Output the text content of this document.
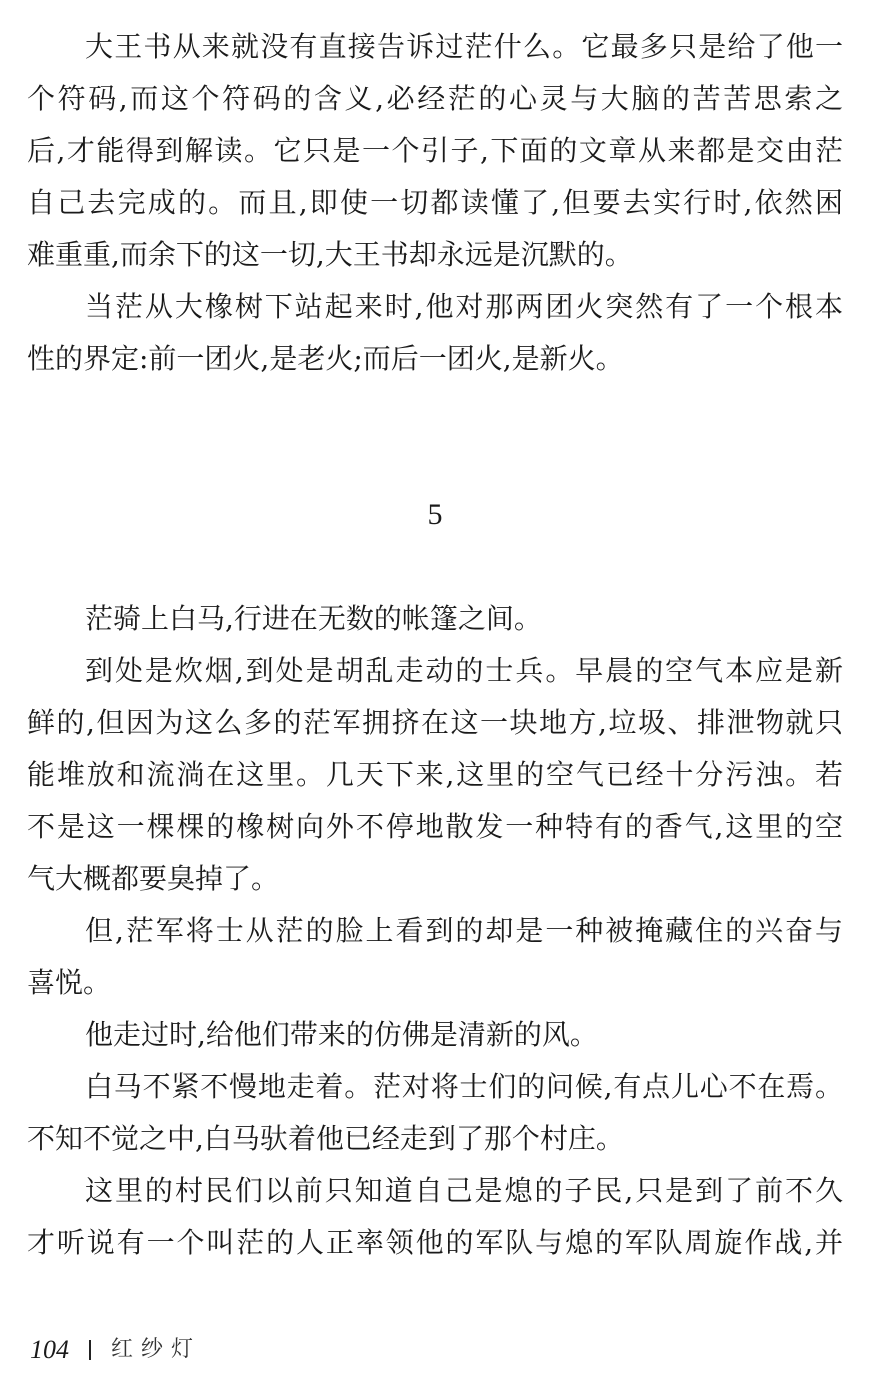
大王书从来就没有直接告诉过茫什么。它最多只是给了他一
个符码,而这个符码的含义,必经茫的心灵与大脑的苦苦思索之
后,才能得到解读。它只是一个引子,下面的文章从来都是交由茫
自己去完成的。而且,即使一切都读懂了,但要去实行时,依然困
难重重,而余下的这一切,大王书却永远是沉默的。
当茫从大橡树下站起来时,他对那两团火突然有了一个根本
性的界定:前一团火,是老火;而后一团火,是新火。
5
茫骑上白马,行进在无数的帐篷之间。
到处是炊烟,到处是胡乱走动的士兵。早晨的空气本应是新
鲜的,但因为这么多的茫军拥挤在这一块地方,垃圾、排泄物就只
能堆放和流淌在这里。几天下来,这里的空气已经十分污浊。若
不是这一棵棵的橡树向外不停地散发一种特有的香气,这里的空
气大概都要臭掉了。
但,茫军将士从茫的脸上看到的却是一种被掩藏住的兴奋与
喜悦。
他走过时,给他们带来的仿佛是清新的风。
白马不紧不慢地走着。茫对将士们的问候,有点儿心不在焉。
不知不觉之中,白马驮着他已经走到了那个村庄。
这里的村民们以前只知道自己是熄的子民,只是到了前不久
才听说有一个叫茫的人正率领他的军队与熄的军队周旋作战,并
104 红纱灯
